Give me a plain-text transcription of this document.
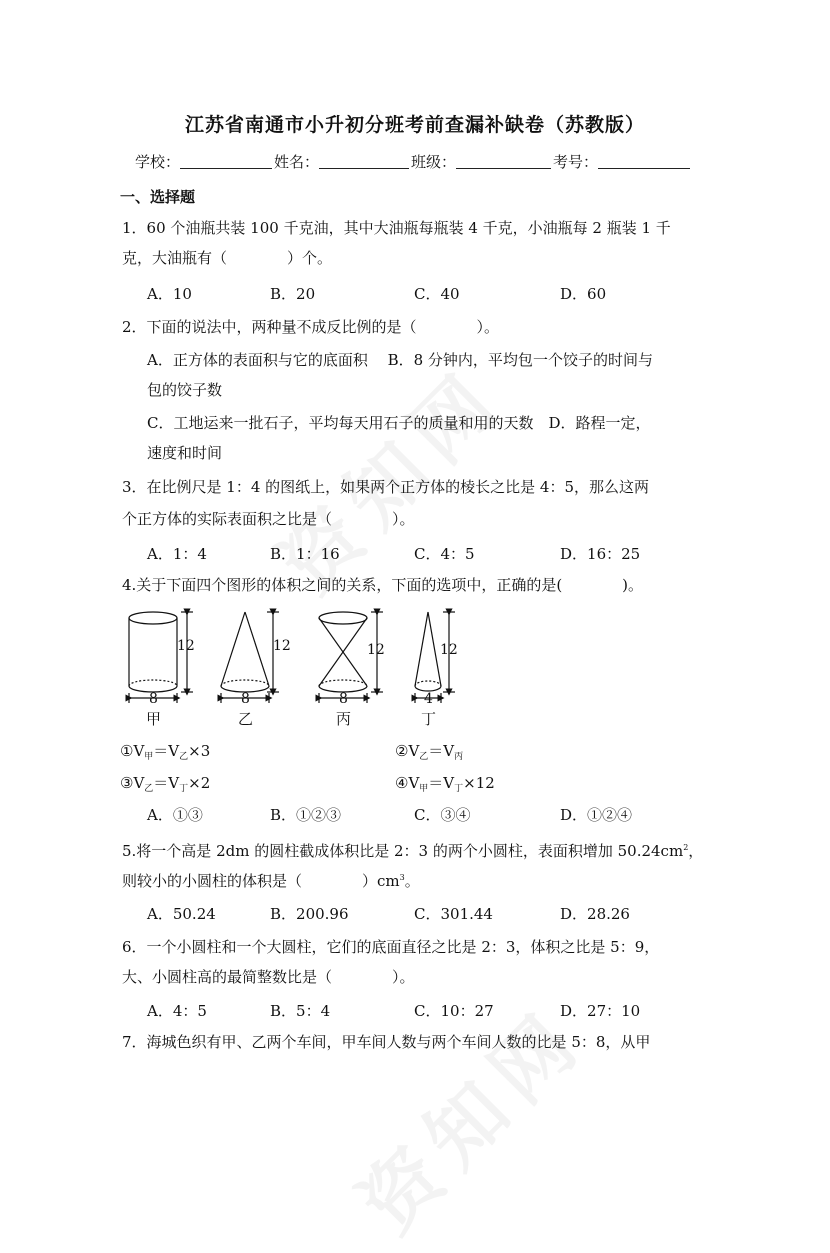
江苏省南通市小升初分班考前查漏补缺卷（苏教版）
学校：	姓名：	班级：	考号：
一、选择题
1．60 个油瓶共装 100 千克油，其中大油瓶每瓶装 4 千克，小油瓶每 2 瓶装 1 千
克，大油瓶有（　　　　）个。
A．10	B．20	C．40	D．60
2．下面的说法中，两种量不成反比例的是（　　　　）。
A．正方体的表面积与它的底面积　 B．8 分钟内，平均包一个饺子的时间与
包的饺子数
C．工地运来一批石子，平均每天用石子的质量和用的天数　D．路程一定，
速度和时间
3．在比例尺是 1：4 的图纸上，如果两个正方体的棱长之比是 4：5，那么这两
个正方体的实际表面积之比是（　　　　）。
A．1：4	B．1：16	C．4：5	D．16：25
4.关于下面四个图形的体积之间的关系，下面的选项中，正确的是(　　　　)。
12
8
12
8
12
8
12
4
甲	乙	丙	丁
$①V_甲=V_乙\times 3$	$②V_乙=V_丙$
$③V_乙=V_丁\times 2$	$④V_甲=V_丁\times 12$
A．①③	B．①②③	C．③④	D．①②④
5.将一个高是 2dm 的圆柱截成体积比是 2：3 的两个小圆柱，表面积增加 $50.24cm^2$，
则较小的小圆柱的体积是（　　　　）$cm^3$。
A．50.24	B．200.96	C．301.44	D．28.26
6．一个小圆柱和一个大圆柱，它们的底面直径之比是 2：3，体积之比是 5：9，
大、小圆柱高的最简整数比是（　　　　）。
A．4：5	B．5：4	C．10：27	D．27：10
7．海城色织有甲、乙两个车间，甲车间人数与两个车间人数的比是 5：8，从甲
